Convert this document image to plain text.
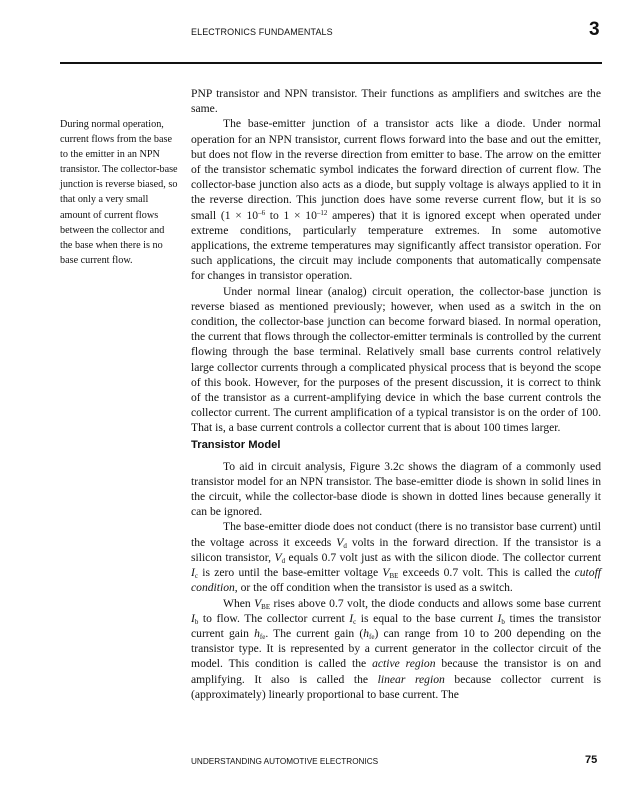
ELECTRONICS FUNDAMENTALS	3

During normal operation, current flows from the base to the emitter in an NPN transistor. The collector-base junction is reverse biased, so that only a very small amount of current flows between the collector and the base when there is no base current flow.

PNP transistor and NPN transistor. Their functions as amplifiers and switches are the same.

The base-emitter junction of a transistor acts like a diode. Under normal operation for an NPN transistor, current flows forward into the base and out the emitter, but does not flow in the reverse direction from emitter to base. The arrow on the emitter of the transistor schematic symbol indicates the forward direction of current flow. The collector-base junction also acts as a diode, but supply voltage is always applied to it in the reverse direction. This junction does have some reverse current flow, but it is so small ($1 \times 10^{-6}$ to $1 \times 10^{-12}$ amperes) that it is ignored except when operated under extreme conditions, particularly temperature extremes. In some automotive applications, the extreme temperatures may significantly affect transistor operation. For such applications, the circuit may include components that automatically compensate for changes in transistor operation.

Under normal linear (analog) circuit operation, the collector-base junction is reverse biased as mentioned previously; however, when used as a switch in the on condition, the collector-base junction can become forward biased. In normal operation, the current that flows through the collector-emitter terminals is controlled by the current flowing through the base terminal. Relatively small base currents control relatively large collector currents through a complicated physical process that is beyond the scope of this book. However, for the purposes of the present discussion, it is correct to think of the transistor as a current-amplifying device in which the base current controls the collector current. The current amplification of a typical transistor is on the order of 100. That is, a base current controls a collector current that is about 100 times larger.

Transistor Model

To aid in circuit analysis, Figure 3.2c shows the diagram of a commonly used transistor model for an NPN transistor. The base-emitter diode is shown in solid lines in the circuit, while the collector-base diode is shown in dotted lines because generally it can be ignored.

The base-emitter diode does not conduct (there is no transistor base current) until the voltage across it exceeds $V_d$ volts in the forward direction. If the transistor is a silicon transistor, $V_d$ equals 0.7 volt just as with the silicon diode. The collector current $I_c$ is zero until the base-emitter voltage $V_{BE}$ exceeds 0.7 volt. This is called the cutoff condition, or the off condition when the transistor is used as a switch.

When $V_{BE}$ rises above 0.7 volt, the diode conducts and allows some base current $I_b$ to flow. The collector current $I_c$ is equal to the base current $I_b$ times the transistor current gain $h_{fe}$. The current gain $(h_{fe})$ can range from 10 to 200 depending on the transistor type. It is represented by a current generator in the collector circuit of the model. This condition is called the active region because the transistor is on and amplifying. It also is called the linear region because collector current is (approximately) linearly proportional to base current. The

UNDERSTANDING AUTOMOTIVE ELECTRONICS	75
